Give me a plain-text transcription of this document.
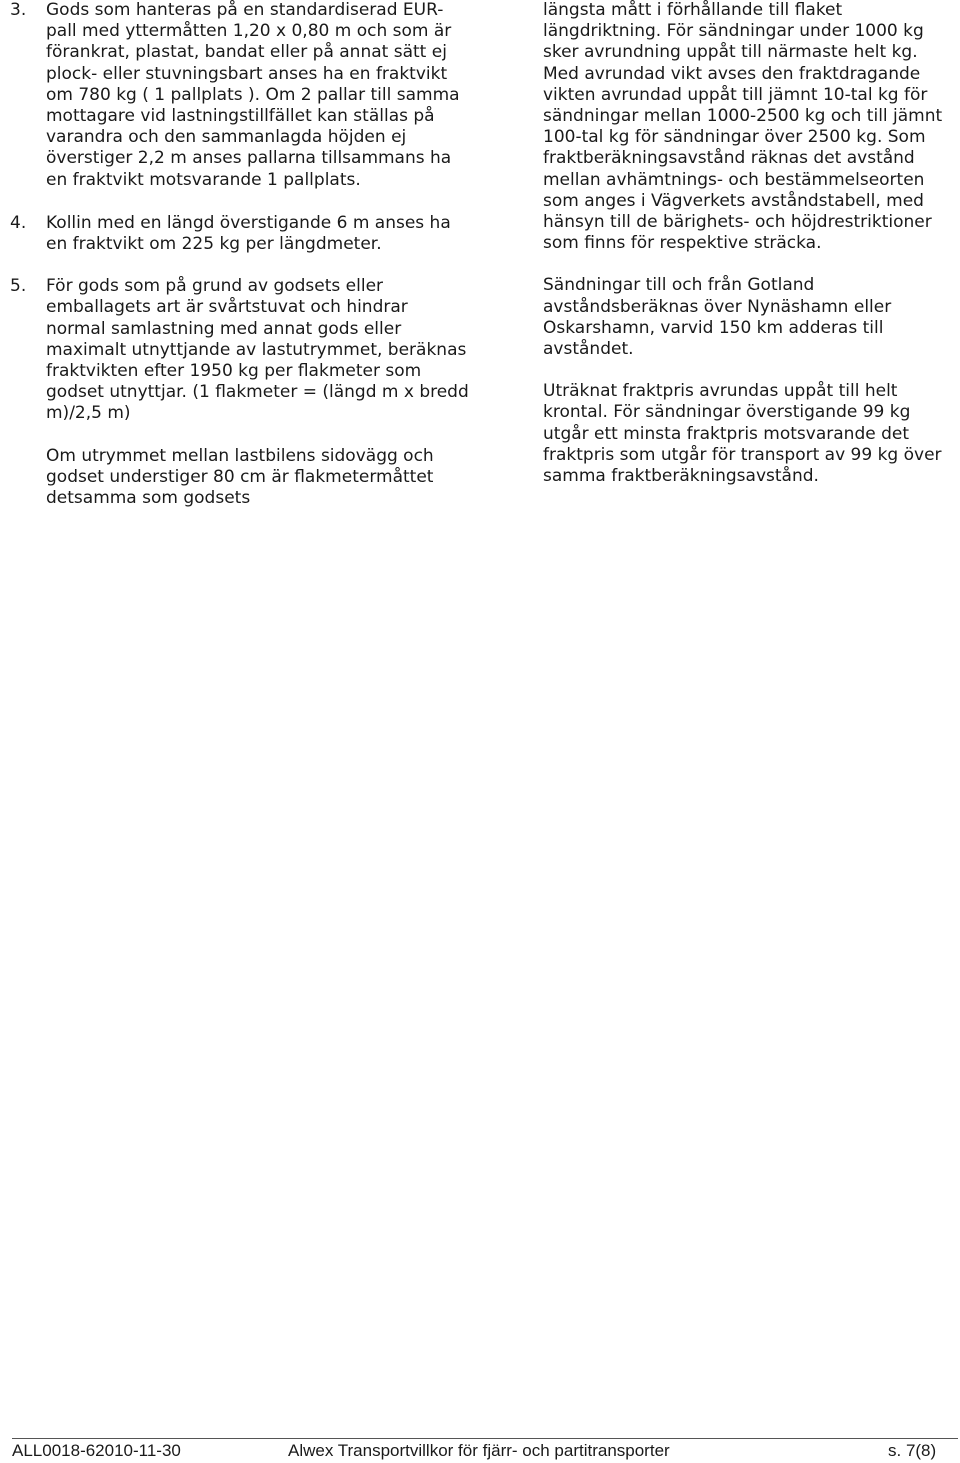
3. Gods som hanteras på en standardiserad EUR-pall med yttermåtten 1,20 x 0,80 m och som är förankrat, plastat, bandat eller på annat sätt ej plock- eller stuvningsbart anses ha en fraktvikt om 780 kg ( 1 pallplats ). Om 2 pallar till samma mottagare vid lastningstillfället kan ställas på varandra och den sammanlagda höjden ej överstiger 2,2 m anses pallarna tillsammans ha en fraktvikt motsvarande 1 pallplats.

4. Kollin med en längd överstigande 6 m anses ha en fraktvikt om 225 kg per längdmeter.

5. För gods som på grund av godsets eller emballagets art är svårtstuvat och hindrar normal samlastning med annat gods eller maximalt utnyttjande av lastutrymmet, beräknas fraktvikten efter 1950 kg per flakmeter som godset utnyttjar. (1 flakmeter = (längd m x bredd m)/2,5 m)

Om utrymmet mellan lastbilens sidovägg och godset understiger 80 cm är flakmetermåttet detsamma som godsets

längsta mått i förhållande till flaket längdriktning. För sändningar under 1000 kg sker avrundning uppåt till närmaste helt kg. Med avrundad vikt avses den fraktdragande vikten avrundad uppåt till jämnt 10-tal kg för sändningar mellan 1000-2500 kg och till jämnt 100-tal kg för sändningar över 2500 kg. Som fraktberäkningsavstånd räknas det avstånd mellan avhämtnings- och bestämmelseorten som anges i Vägverkets avståndstabell, med hänsyn till de bärighets- och höjdrestriktioner som finns för respektive sträcka.

Sändningar till och från Gotland avståndsberäknas över Nynäshamn eller Oskarshamn, varvid 150 km adderas till avståndet.

Uträknat fraktpris avrundas uppåt till helt krontal. För sändningar överstigande 99 kg utgår ett minsta fraktpris motsvarande det fraktpris som utgår för transport av 99 kg över samma fraktberäkningsavstånd.

ALL0018-62010-11-30	Alwex Transportvillkor för fjärr- och partitransporter	s. 7(8)
